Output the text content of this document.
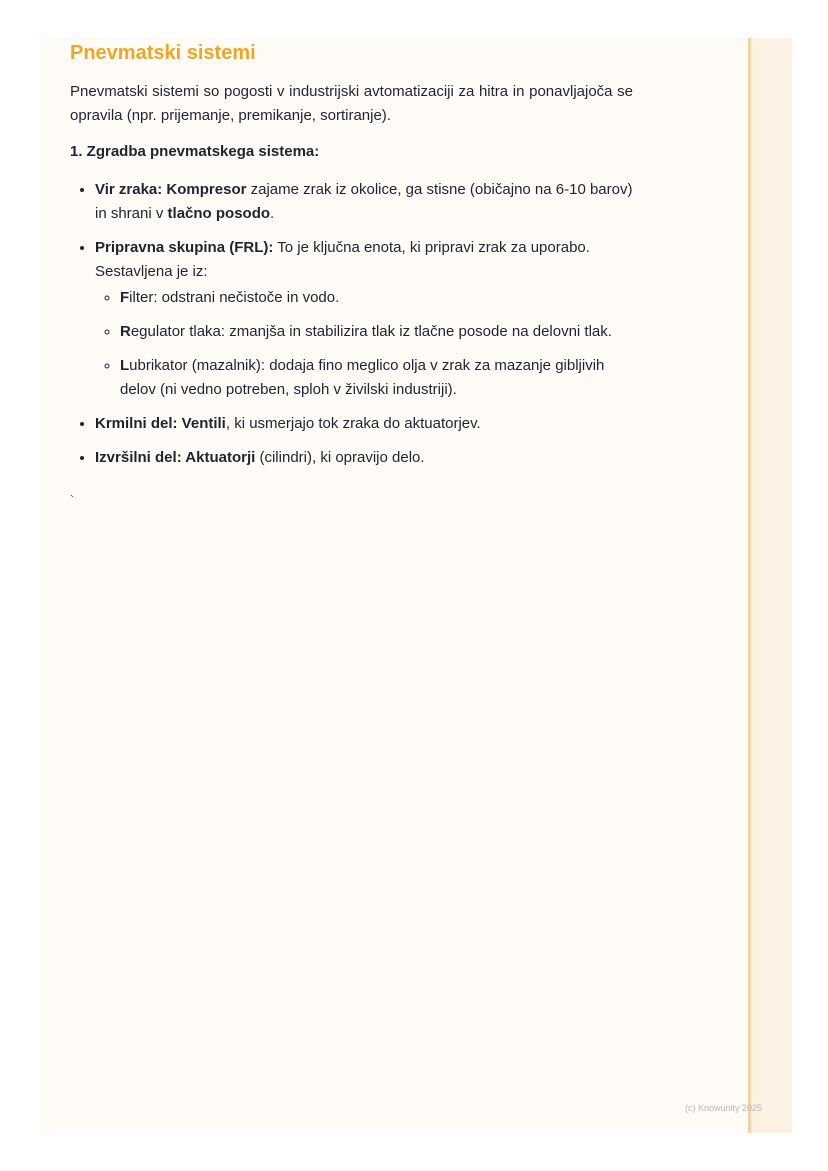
Pnevmatski sistemi

Pnevmatski sistemi so pogosti v industrijski avtomatizaciji za hitra in ponavljajoča se opravila (npr. prijemanje, premikanje, sortiranje).

1. Zgradba pnevmatskega sistema:
• Vir zraka: Kompresor zajame zrak iz okolice, ga stisne (običajno na 6-10 barov) in shrani v tlačno posodo.
• Pripravna skupina (FRL): To je ključna enota, ki pripravi zrak za uporabo. Sestavljena je iz:
◦ Filter: odstrani nečistoče in vodo.
◦ Regulator tlaka: zmanjša in stabilizira tlak iz tlačne posode na delovni tlak.
◦ Lubrikator (mazalnik): dodaja fino meglico olja v zrak za mazanje gibljivih delov (ni vedno potreben, sploh v živilski industriji).
• Krmilni del: Ventili, ki usmerjajo tok zraka do aktuatorjev.
• Izvršilni del: Aktuatorji (cilindri), ki opravijo delo.
`
(c) Knowunity 2025
